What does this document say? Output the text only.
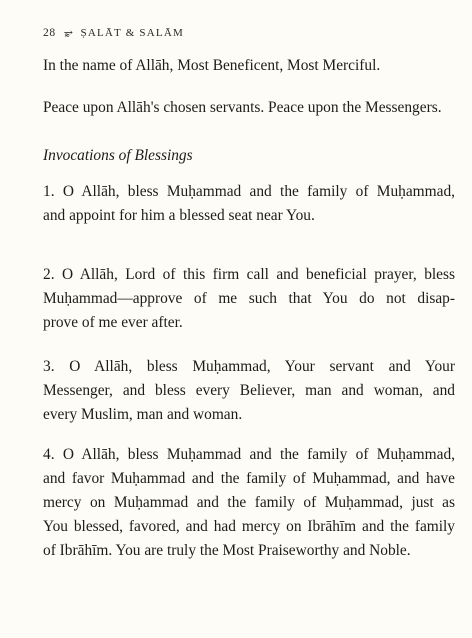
28 ⥵ ṢALĀT & SALĀM

In the name of Allāh, Most Beneficent, Most Merciful.

Peace upon Allāh's chosen servants. Peace upon the Messengers.

Invocations of Blessings

1. O Allāh, bless Muḥammad and the family of Muḥammad,
and appoint for him a blessed seat near You.

2. O Allāh, Lord of this firm call and beneficial prayer, bless
Muḥammad—approve of me such that You do not disap-
prove of me ever after.

3. O Allāh, bless Muḥammad, Your servant and Your
Messenger, and bless every Believer, man and woman, and
every Muslim, man and woman.

4. O Allāh, bless Muḥammad and the family of Muḥammad,
and favor Muḥammad and the family of Muḥammad, and have
mercy on Muḥammad and the family of Muḥammad, just as
You blessed, favored, and had mercy on Ibrāhīm and the family
of Ibrāhīm. You are truly the Most Praiseworthy and Noble.
